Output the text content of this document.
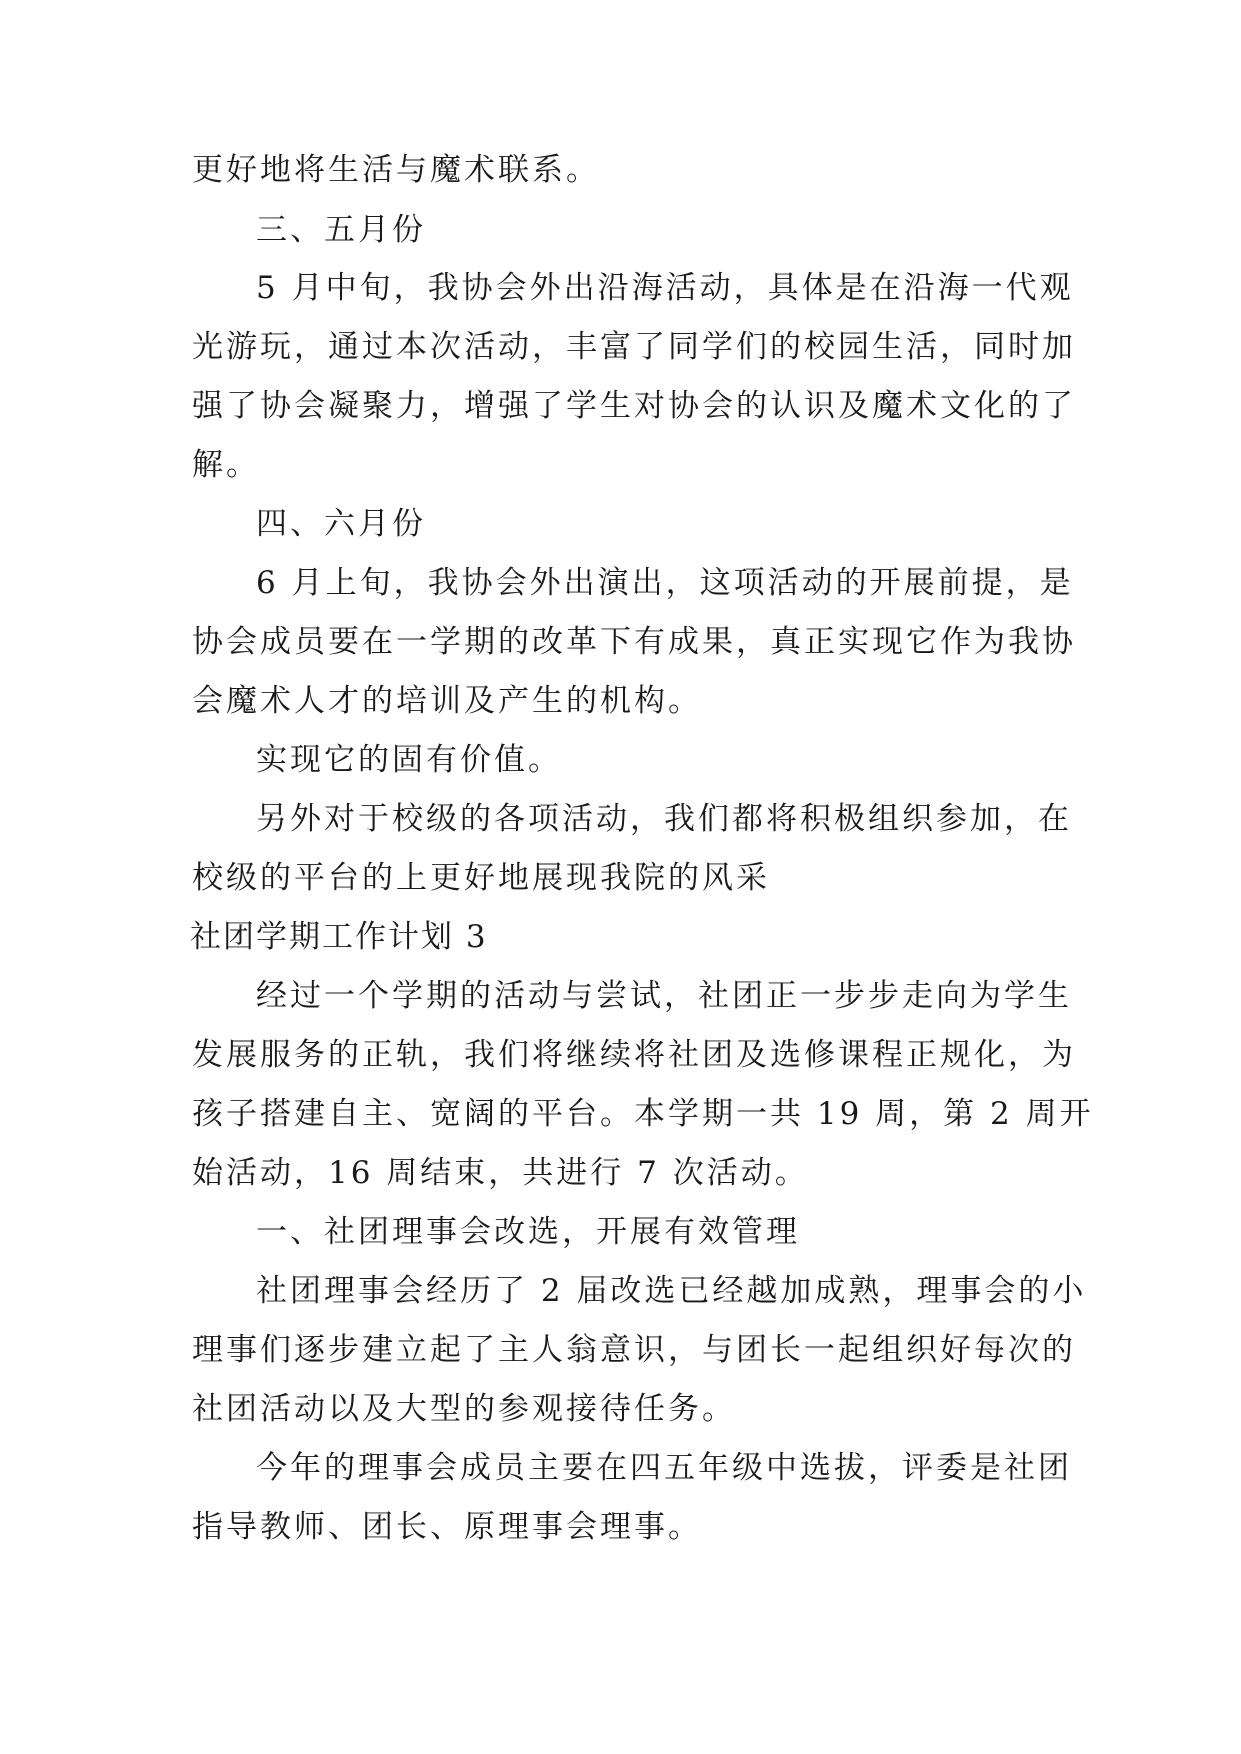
更好地将生活与魔术联系。
三、五月份
5 月中旬，我协会外出沿海活动，具体是在沿海一代观
光游玩，通过本次活动，丰富了同学们的校园生活，同时加
强了协会凝聚力，增强了学生对协会的认识及魔术文化的了
解。
四、六月份
6 月上旬，我协会外出演出，这项活动的开展前提，是
协会成员要在一学期的改革下有成果，真正实现它作为我协
会魔术人才的培训及产生的机构。
实现它的固有价值。
另外对于校级的各项活动，我们都将积极组织参加，在
校级的平台的上更好地展现我院的风采
社团学期工作计划 3
经过一个学期的活动与尝试，社团正一步步走向为学生
发展服务的正轨，我们将继续将社团及选修课程正规化，为
孩子搭建自主、宽阔的平台。本学期一共 19 周，第 2 周开
始活动，16 周结束，共进行 7 次活动。
一、社团理事会改选，开展有效管理
社团理事会经历了 2 届改选已经越加成熟，理事会的小
理事们逐步建立起了主人翁意识，与团长一起组织好每次的
社团活动以及大型的参观接待任务。
今年的理事会成员主要在四五年级中选拔，评委是社团
指导教师、团长、原理事会理事。
